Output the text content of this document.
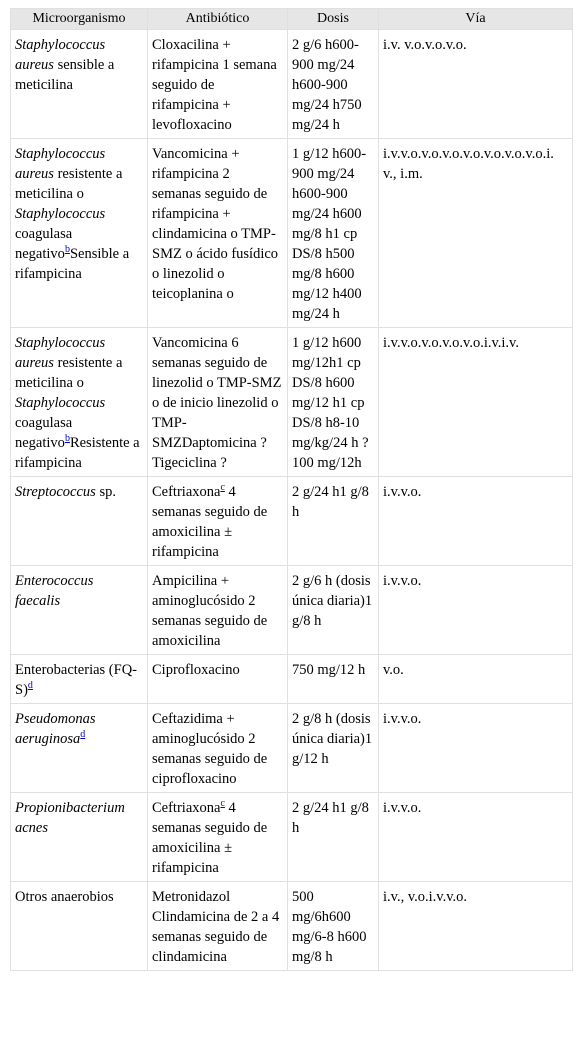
Microorganismo	Antibiótico	Dosis	Vía
Staphylococcus aureus sensible a meticilina	Cloxacilina + rifampicina 1 semana seguido de rifampicina + levofloxacino	2 g/6 h600-900 mg/24 h600-900 mg/24 h750 mg/24 h	i.v. v.o.v.o.v.o.
Staphylococcus aureus resistente a meticilina o Staphylococcus coagulasa negativo$^b$Sensible a rifampicina	Vancomicina + rifampicina 2 semanas seguido de rifampicina + clindamicina o TMP-SMZ o ácido fusídico o linezolid o teicoplanina o	1 g/12 h600-900 mg/24 h600-900 mg/24 h600 mg/8 h1 cp DS/8 h500 mg/8 h600 mg/12 h400 mg/24 h	i.v.v.o.v.o.v.o.v.o.v.o.v.o.v.o.i.v., i.m.
Staphylococcus aureus resistente a meticilina o Staphylococcus coagulasa negativo$^b$Resistente a rifampicina	Vancomicina 6 semanas seguido de linezolid o TMP-SMZ o de inicio linezolid o TMP-SMZDaptomicina ?Tigeciclina ?	1 g/12 h600 mg/12h1 cp DS/8 h600 mg/12 h1 cp DS/8 h8-10 mg/kg/24 h ?100 mg/12h	i.v.v.o.v.o.v.o.v.o.i.v.i.v.
Streptococcus sp.	Ceftriaxona$^c$ 4 semanas seguido de amoxicilina ± rifampicina	2 g/24 h1 g/8 h	i.v.v.o.
Enterococcus faecalis	Ampicilina + aminoglucósido 2 semanas seguido de amoxicilina	2 g/6 h (dosis única diaria)1 g/8 h	i.v.v.o.
Enterobacterias $(FQ-S)^d$	Ciprofloxacino	750 mg/12 h	v.o.
Pseudomonas aeruginosa$^d$	Ceftazidima + aminoglucósido 2 semanas seguido de ciprofloxacino	2 g/8 h (dosis única diaria)1 g/12 h	i.v.v.o.
Propionibacterium acnes	Ceftriaxona$^c$ 4 semanas seguido de amoxicilina ± rifampicina	2 g/24 h1 g/8 h	i.v.v.o.
Otros anaerobios	Metronidazol Clindamicina de 2 a 4 semanas seguido de clindamicina	500 mg/6h600 mg/6-8 h600 mg/8 h	i.v., v.o.i.v.v.o.
